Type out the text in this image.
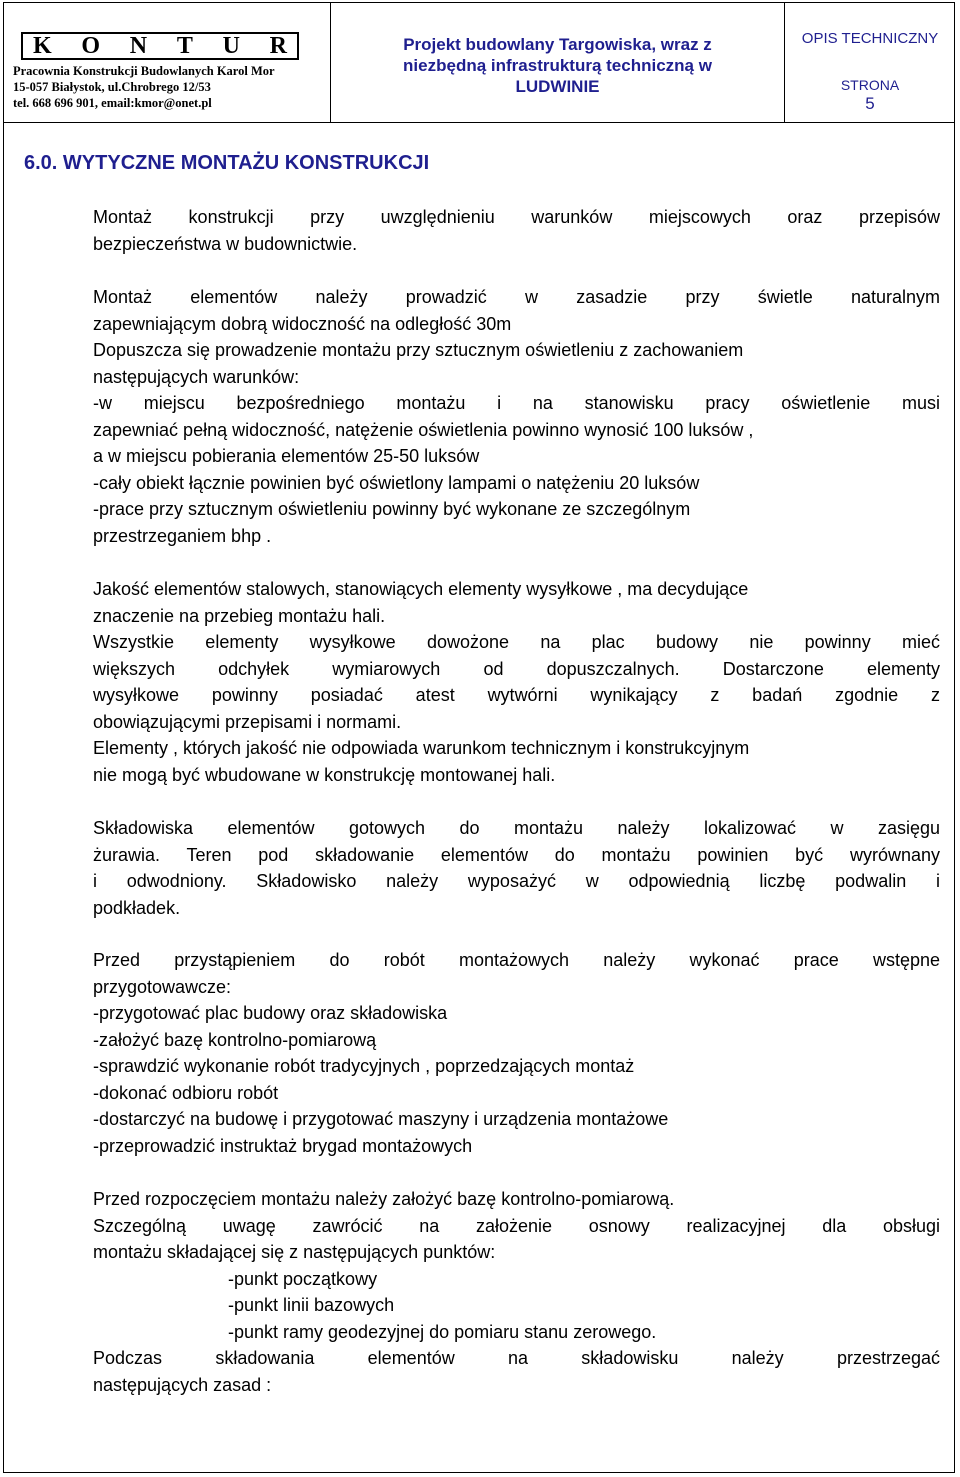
K O N T U R
Pracownia Konstrukcji Budowlanych Karol Mor
15-057 Białystok, ul.Chrobrego 12/53
tel. 668 696 901, email:kmor@onet.pl
Projekt budowlany Targowiska, wraz z
niezbędną infrastrukturą techniczną w
LUDWINIE
OPIS TECHNICZNY
STRONA
5
6.0. WYTYCZNE MONTAŻU KONSTRUKCJI
Montaż konstrukcji przy uwzględnieniu warunków miejscowych oraz przepisów
bezpieczeństwa w budownictwie.
Montaż elementów należy prowadzić w zasadzie przy świetle naturalnym
zapewniającym dobrą widoczność na odległość 30m
Dopuszcza się prowadzenie montażu przy sztucznym oświetleniu z zachowaniem
następujących warunków:
-w miejscu bezpośredniego montażu i na stanowisku pracy oświetlenie musi
zapewniać pełną widoczność, natężenie oświetlenia powinno wynosić 100 luksów ,
a w miejscu pobierania elementów 25-50 luksów
-cały obiekt łącznie powinien być oświetlony lampami o natężeniu 20 luksów
-prace przy sztucznym oświetleniu powinny być wykonane ze szczególnym
przestrzeganiem bhp .
Jakość elementów stalowych, stanowiących elementy wysyłkowe , ma decydujące
znaczenie na przebieg montażu hali.
Wszystkie elementy wysyłkowe dowożone na plac budowy nie powinny mieć
większych odchyłek wymiarowych od dopuszczalnych. Dostarczone elementy
wysyłkowe powinny posiadać atest wytwórni wynikający z badań zgodnie z
obowiązującymi przepisami i normami.
Elementy , których jakość nie odpowiada warunkom technicznym i konstrukcyjnym
nie mogą być wbudowane w konstrukcję montowanej hali.
Składowiska elementów gotowych do montażu należy lokalizować w zasięgu
żurawia. Teren pod składowanie elementów do montażu powinien być wyrównany
i odwodniony. Składowisko należy wyposażyć w odpowiednią liczbę podwalin i
podkładek.
Przed przystąpieniem do robót montażowych należy wykonać prace wstępne
przygotowawcze:
-przygotować plac budowy oraz składowiska
-założyć bazę kontrolno-pomiarową
-sprawdzić wykonanie robót tradycyjnych , poprzedzających montaż
-dokonać odbioru robót
-dostarczyć na budowę i przygotować maszyny i urządzenia montażowe
-przeprowadzić instruktaż brygad montażowych
Przed rozpoczęciem montażu należy założyć bazę kontrolno-pomiarową.
Szczególną uwagę zawrócić na założenie osnowy realizacyjnej dla obsługi
montażu składającej się z następujących punktów:
-punkt początkowy
-punkt linii bazowych
-punkt ramy geodezyjnej do pomiaru stanu zerowego.
Podczas składowania elementów na składowisku należy przestrzegać
następujących zasad :
